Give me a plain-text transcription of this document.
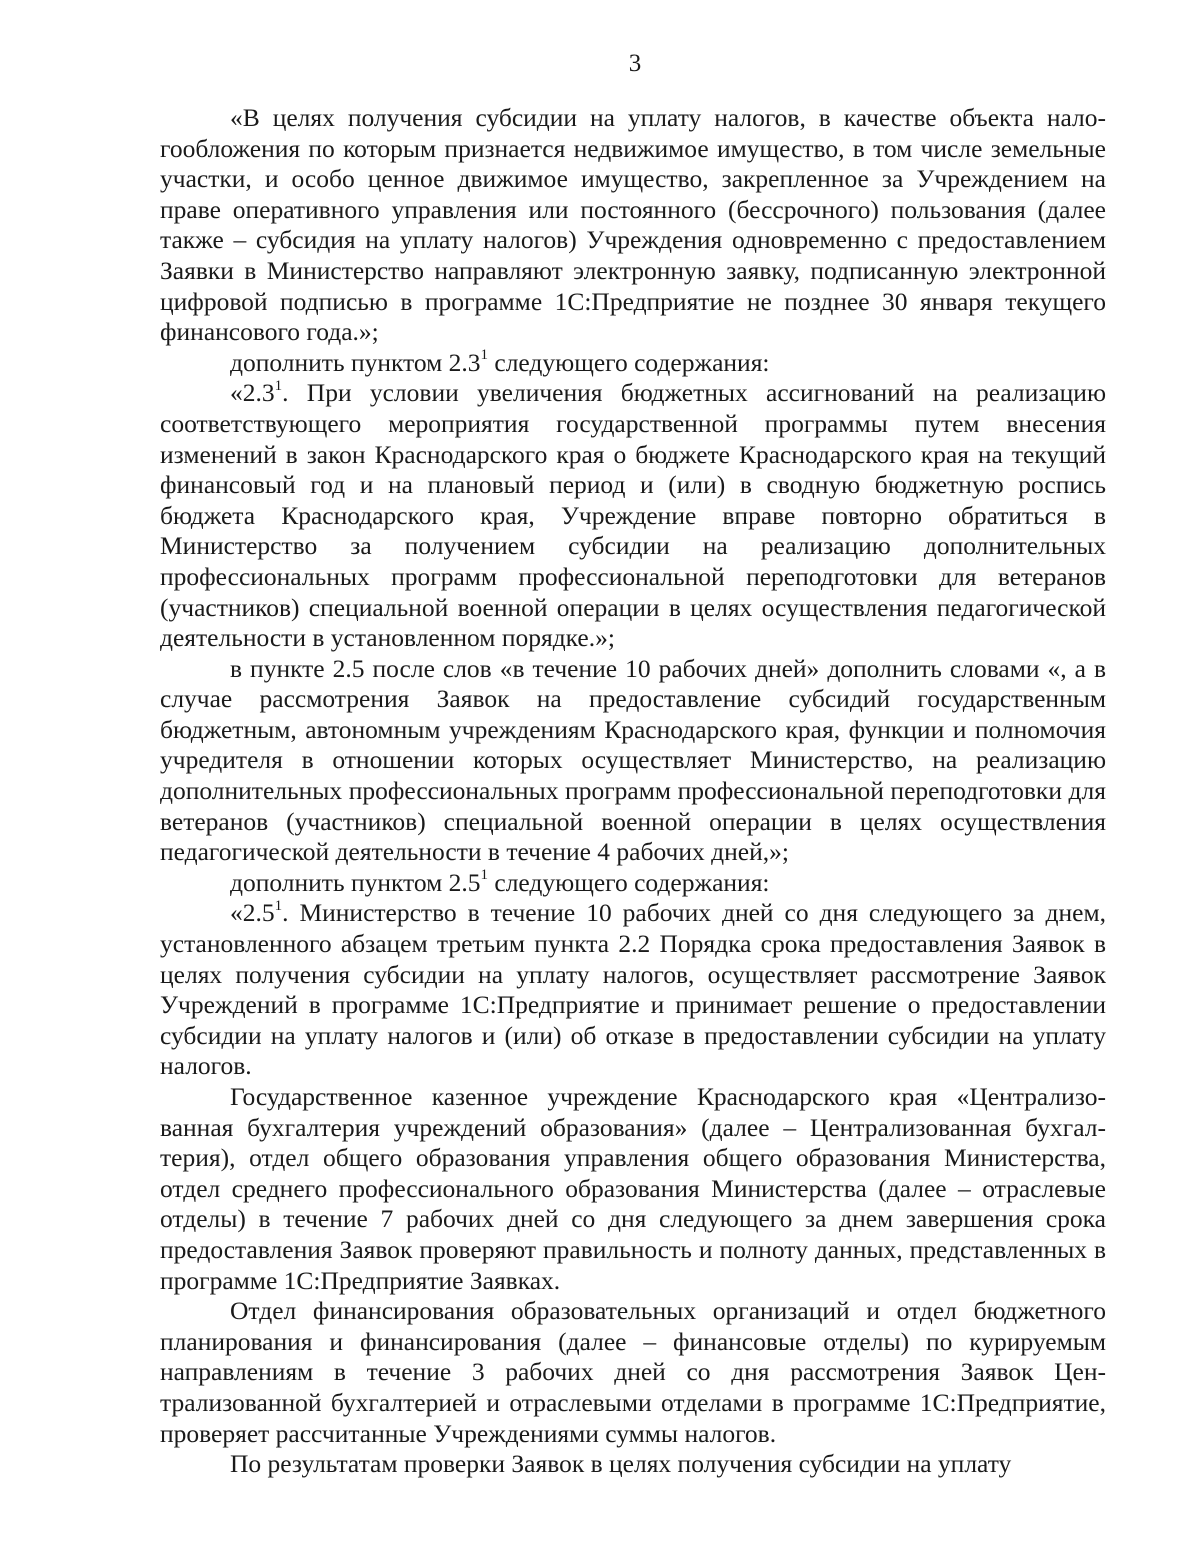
3

«В целях получения субсидии на уплату налогов, в качестве объекта налогообложения по которым признается недвижимое имущество, в том числе земельные участки, и особо ценное движимое имущество, закрепленное за Учреждением на праве оперативного управления или постоянного (бессрочного) пользования (далее также – субсидия на уплату налогов) Учреждения одновременно с предоставлением Заявки в Министерство направляют электронную заявку, подписанную электронной цифровой подписью в программе 1С:Предприятие не позднее 30 января текущего финансового года.»;

дополнить пунктом $2.3^1$ следующего содержания:

«$2.3^1$. При условии увеличения бюджетных ассигнований на реализацию соответствующего мероприятия государственной программы путем внесения изменений в закон Краснодарского края о бюджете Краснодарского края на текущий финансовый год и на плановый период и (или) в сводную бюджетную роспись бюджета Краснодарского края, Учреждение вправе повторно обратиться в Министерство за получением субсидии на реализацию дополнительных профессиональных программ профессиональной переподготовки для ветеранов (участников) специальной военной операции в целях осуществления педагогической деятельности в установленном порядке.»;

в пункте 2.5 после слов «в течение 10 рабочих дней» дополнить словами «, а в случае рассмотрения Заявок на предоставление субсидий государственным бюджетным, автономным учреждениям Краснодарского края, функции и полномочия учредителя в отношении которых осуществляет Министерство, на реализацию дополнительных профессиональных программ профессиональной переподготовки для ветеранов (участников) специальной военной операции в целях осуществления педагогической деятельности в течение 4 рабочих дней,»;

дополнить пунктом $2.5^1$ следующего содержания:

«$2.5^1$. Министерство в течение 10 рабочих дней со дня следующего за днем, установленного абзацем третьим пункта 2.2 Порядка срока предоставления Заявок в целях получения субсидии на уплату налогов, осуществляет рассмотрение Заявок Учреждений в программе 1С:Предприятие и принимает решение о предоставлении субсидии на уплату налогов и (или) об отказе в предоставлении субсидии на уплату налогов.

Государственное казенное учреждение Краснодарского края «Централизованная бухгалтерия учреждений образования» (далее – Централизованная бухгалтерия), отдел общего образования управления общего образования Министерства, отдел среднего профессионального образования Министерства (далее – отраслевые отделы) в течение 7 рабочих дней со дня следующего за днем завершения срока предоставления Заявок проверяют правильность и полноту данных, представленных в программе 1С:Предприятие Заявках.

Отдел финансирования образовательных организаций и отдел бюджетного планирования и финансирования (далее – финансовые отделы) по курируемым направлениям в течение 3 рабочих дней со дня рассмотрения Заявок Централизованной бухгалтерией и отраслевыми отделами в программе 1С:Предприятие, проверяет рассчитанные Учреждениями суммы налогов.

По результатам проверки Заявок в целях получения субсидии на уплату
